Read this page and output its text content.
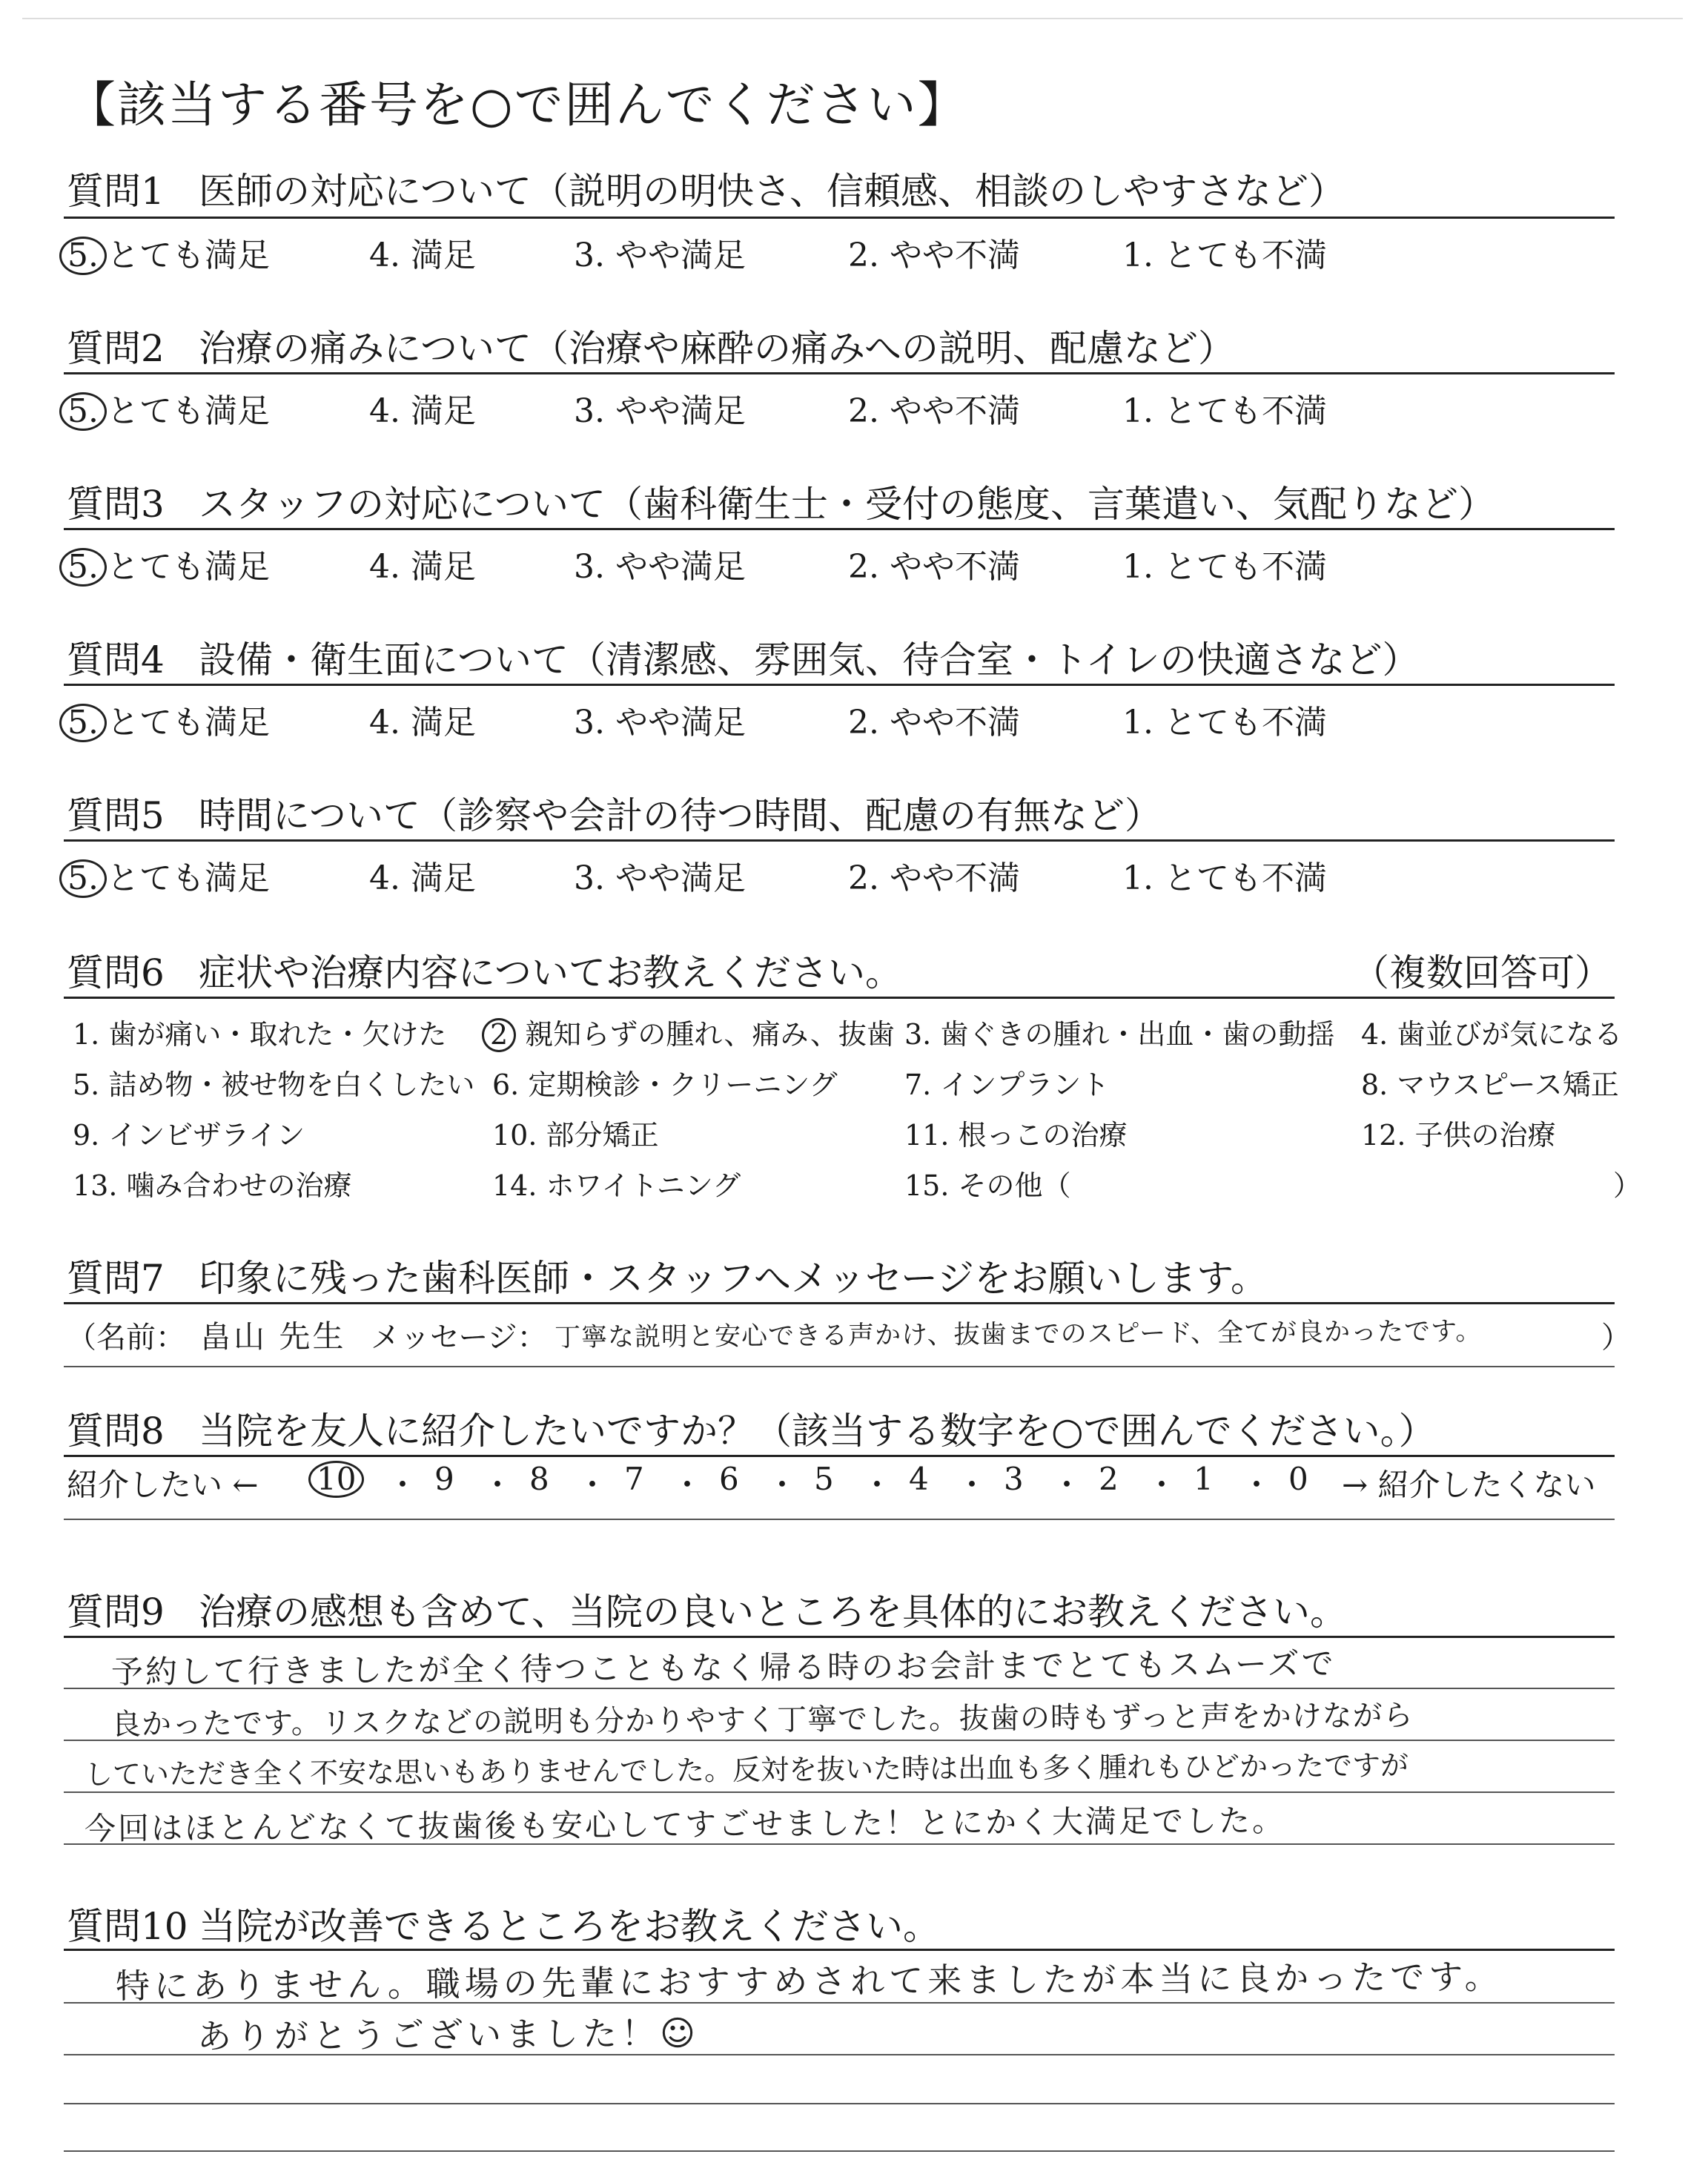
【該当する番号を○で囲んでください】
質問1 医師の対応について（説明の明快さ、信頼感、相談のしやすさなど）
5. とても満足	4. 満足	3. やや満足	2. やや不満	1. とても不満
質問2 治療の痛みについて（治療や麻酔の痛みへの説明、配慮など）
5. とても満足	4. 満足	3. やや満足	2. やや不満	1. とても不満
質問3 スタッフの対応について（歯科衛生士・受付の態度、言葉遣い、気配りなど）
5. とても満足	4. 満足	3. やや満足	2. やや不満	1. とても不満
質問4 設備・衛生面について（清潔感、雰囲気、待合室・トイレの快適さなど）
5. とても満足	4. 満足	3. やや満足	2. やや不満	1. とても不満
質問5 時間について（診察や会計の待つ時間、配慮の有無など）
5. とても満足	4. 満足	3. やや満足	2. やや不満	1. とても不満
質問6 症状や治療内容についてお教えください。	（複数回答可）
1. 歯が痛い・取れた・欠けた 2 親知らずの腫れ、痛み、抜歯 3. 歯ぐきの腫れ・出血・歯の動揺 4. 歯並びが気になる
5. 詰め物・被せ物を白くしたい 6. 定期検診・クリーニング 7. インプラント	8. マウスピース矯正
9. インビザライン	10. 部分矯正	11. 根っこの治療	12. 子供の治療
13. 噛み合わせの治療	14. ホワイトニング	15. その他（	）
質問7 印象に残った歯科医師・スタッフへメッセージをお願いします。
（名前： 畠山 先生 メッセージ： 丁寧な説明と安心できる声かけ、抜歯までのスピード、全てが良かったです。	）
質問8 当院を友人に紹介したいですか？（該当する数字を○で囲んでください。）
紹介したい ← 10 ・ 9 ・ 8 ・ 7 ・ 6 ・ 5 ・ 4 ・ 3 ・ 2 ・ 1 ・ 0 → 紹介したくない
質問9 治療の感想も含めて、当院の良いところを具体的にお教えください。
予約して行きましたが全く待つこともなく帰る時のお会計までとてもスムーズで
良かったです。リスクなどの説明も分かりやすく丁寧でした。抜歯の時もずっと声をかけながら
していただき全く不安な思いもありませんでした。反対を抜いた時は出血も多く腫れもひどかったですが
今回はほとんどなくて抜歯後も安心してすごせました！とにかく大満足でした。
質問10 当院が改善できるところをお教えください。
特にありません。職場の先輩におすすめされて来ましたが本当に良かったです。
ありがとうございました！☺
